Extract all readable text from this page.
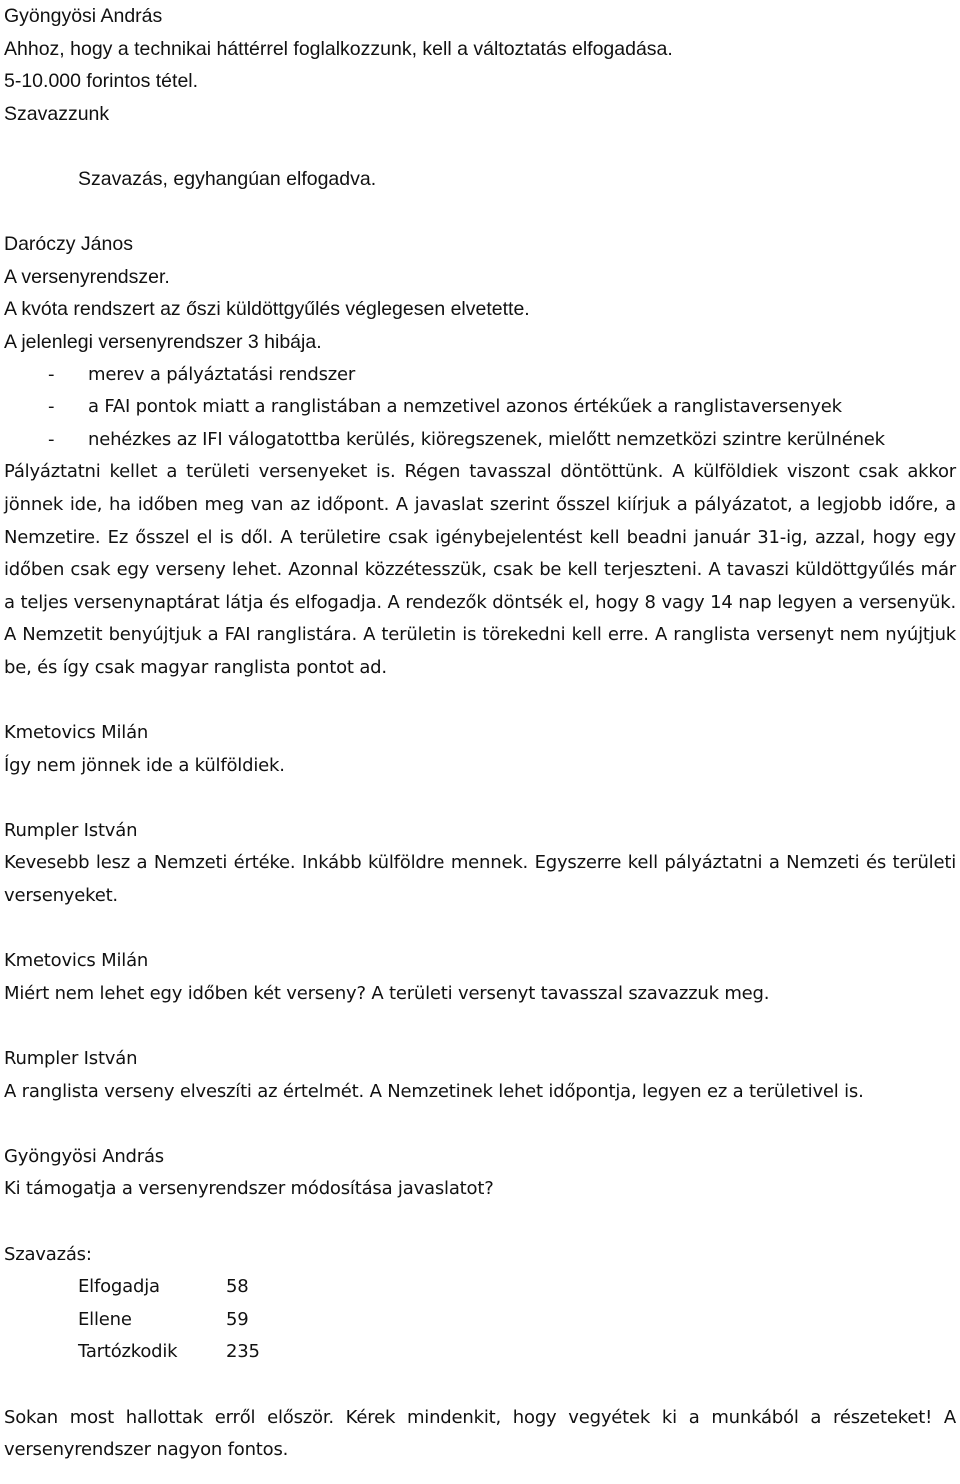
Gyöngyösi András

Ahhoz, hogy a technikai háttérrel foglalkozzunk, kell a változtatás elfogadása.

5-10.000 forintos tétel.

Szavazzunk

Szavazás, egyhangúan elfogadva.

Daróczy János

A versenyrendszer.

A kvóta rendszert az őszi küldöttgyűlés véglegesen elvetette.

A jelenlegi versenyrendszer 3 hibája.

-	merev a pályáztatási rendszer
-	a FAI pontok miatt a ranglistában a nemzetivel azonos értékűek a ranglistaversenyek
-	nehézkes az IFI válogatottba kerülés, kiöregszenek, mielőtt nemzetközi szintre kerülnének

Pályáztatni kellet a területi versenyeket is. Régen tavasszal döntöttünk. A külföldiek viszont csak akkor jönnek ide, ha időben meg van az időpont. A javaslat szerint ősszel kiírjuk a pályázatot, a legjobb időre, a Nemzetire. Ez ősszel el is dől. A területire csak igénybejelentést kell beadni január 31-ig, azzal, hogy egy időben csak egy verseny lehet. Azonnal közzétesszük, csak be kell terjeszteni. A tavaszi küldöttgyűlés már a teljes versenynaptárat látja és elfogadja. A rendezők döntsék el, hogy 8 vagy 14 nap legyen a versenyük. A Nemzetit benyújtjuk a FAI ranglistára. A területin is törekedni kell erre. A ranglista versenyt nem nyújtjuk be, és így csak magyar ranglista pontot ad.

Kmetovics Milán

Így nem jönnek ide a külföldiek.

Rumpler István

Kevesebb lesz a Nemzeti értéke. Inkább külföldre mennek. Egyszerre kell pályáztatni a Nemzeti és területi versenyeket.

Kmetovics Milán

Miért nem lehet egy időben két verseny? A területi versenyt tavasszal szavazzuk meg.

Rumpler István

A ranglista verseny elveszíti az értelmét. A Nemzetinek lehet időpontja, legyen ez a területivel is.

Gyöngyösi András

Ki támogatja a versenyrendszer módosítása javaslatot?

Szavazás:

Elfogadja	58
Ellene	59
Tartózkodik	235

Sokan most hallottak erről először. Kérek mindenkit, hogy vegyétek ki a munkából a részeteket! A versenyrendszer nagyon fontos.
